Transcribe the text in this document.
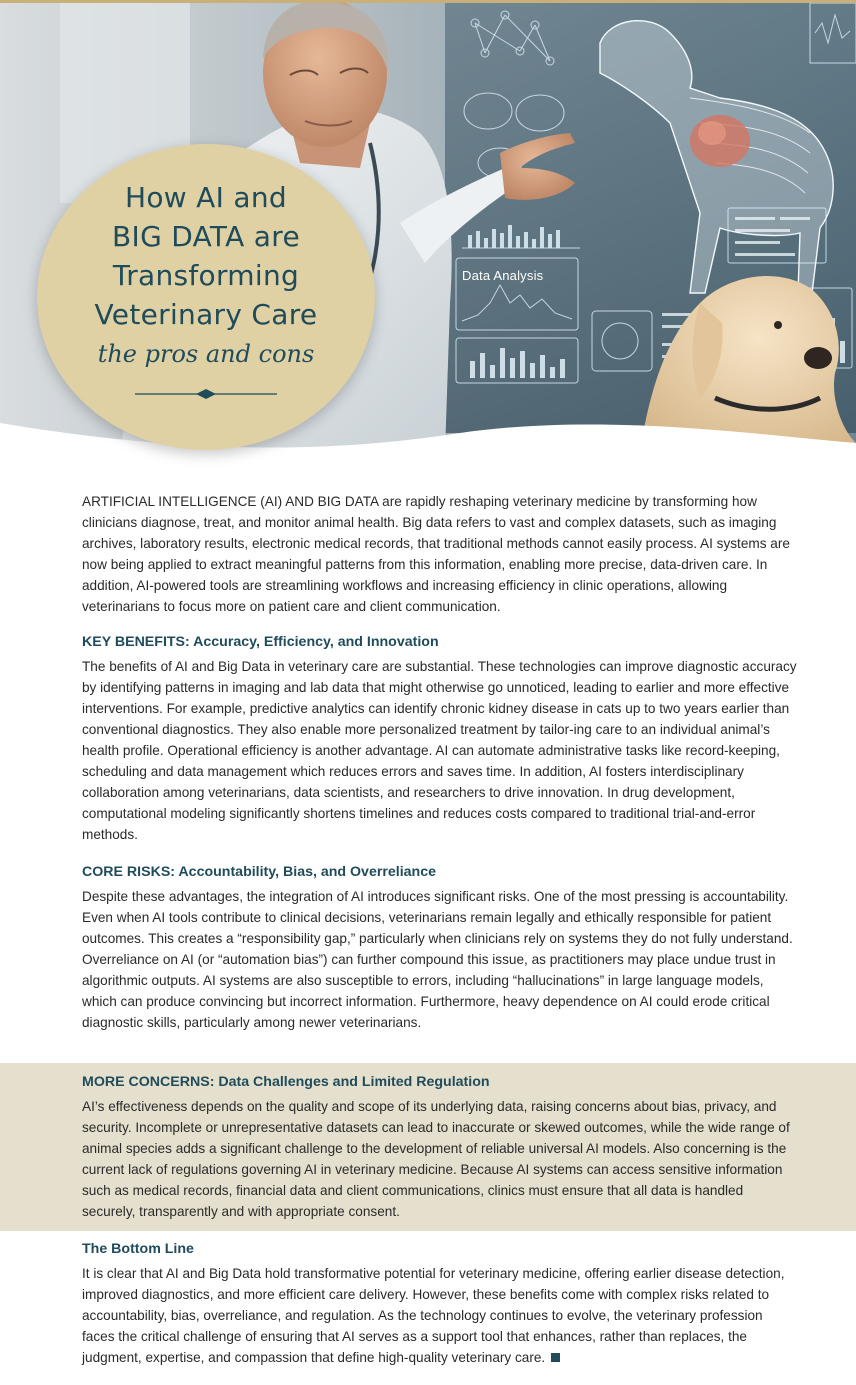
Data Analysis
How AI and
BIG DATA are
Transforming
Veterinary Care
the pros and cons

ARTIFICIAL INTELLIGENCE (AI) AND BIG DATA are rapidly reshaping veterinary medicine by transforming how clinicians diagnose, treat, and monitor animal health. Big data refers to vast and complex datasets, such as imaging archives, laboratory results, electronic medical records, that traditional methods cannot easily process. AI systems are now being applied to extract meaningful patterns from this information, enabling more precise, data-driven care. In addition, AI-powered tools are streamlining workflows and increasing efficiency in clinic operations, allowing veterinarians to focus more on patient care and client communication.

KEY BENEFITS: Accuracy, Efficiency, and Innovation

The benefits of AI and Big Data in veterinary care are substantial. These technologies can improve diagnostic accuracy by identifying patterns in imaging and lab data that might otherwise go unnoticed, leading to earlier and more effective interventions. For example, predictive analytics can identify chronic kidney disease in cats up to two years earlier than conventional diagnostics. They also enable more personalized treatment by tailor-ing care to an individual animal’s health profile. Operational efficiency is another advantage. AI can automate administrative tasks like record-keeping, scheduling and data management which reduces errors and saves time. In addition, AI fosters interdisciplinary collaboration among veterinarians, data scientists, and researchers to drive innovation. In drug development, computational modeling significantly shortens timelines and reduces costs compared to traditional trial-and-error methods.

CORE RISKS: Accountability, Bias, and Overreliance

Despite these advantages, the integration of AI introduces significant risks. One of the most pressing is accountability. Even when AI tools contribute to clinical decisions, veterinarians remain legally and ethically responsible for patient outcomes. This creates a “responsibility gap,” particularly when clinicians rely on systems they do not fully understand. Overreliance on AI (or “automation bias”) can further compound this issue, as practitioners may place undue trust in algorithmic outputs. AI systems are also susceptible to errors, including “hallucinations” in large language models, which can produce convincing but incorrect information. Furthermore, heavy dependence on AI could erode critical diagnostic skills, particularly among newer veterinarians.

MORE CONCERNS: Data Challenges and Limited Regulation

AI’s effectiveness depends on the quality and scope of its underlying data, raising concerns about bias, privacy, and security. Incomplete or unrepresentative datasets can lead to inaccurate or skewed outcomes, while the wide range of animal species adds a significant challenge to the development of reliable universal AI models. Also concerning is the current lack of regulations governing AI in veterinary medicine. Because AI systems can access sensitive information such as medical records, financial data and client communications, clinics must ensure that all data is handled securely, transparently and with appropriate consent.

The Bottom Line

It is clear that AI and Big Data hold transformative potential for veterinary medicine, offering earlier disease detection, improved diagnostics, and more efficient care delivery. However, these benefits come with complex risks related to accountability, bias, overreliance, and regulation. As the technology continues to evolve, the veterinary profession faces the critical challenge of ensuring that AI serves as a support tool that enhances, rather than replaces, the judgment, expertise, and compassion that define high-quality veterinary care.
